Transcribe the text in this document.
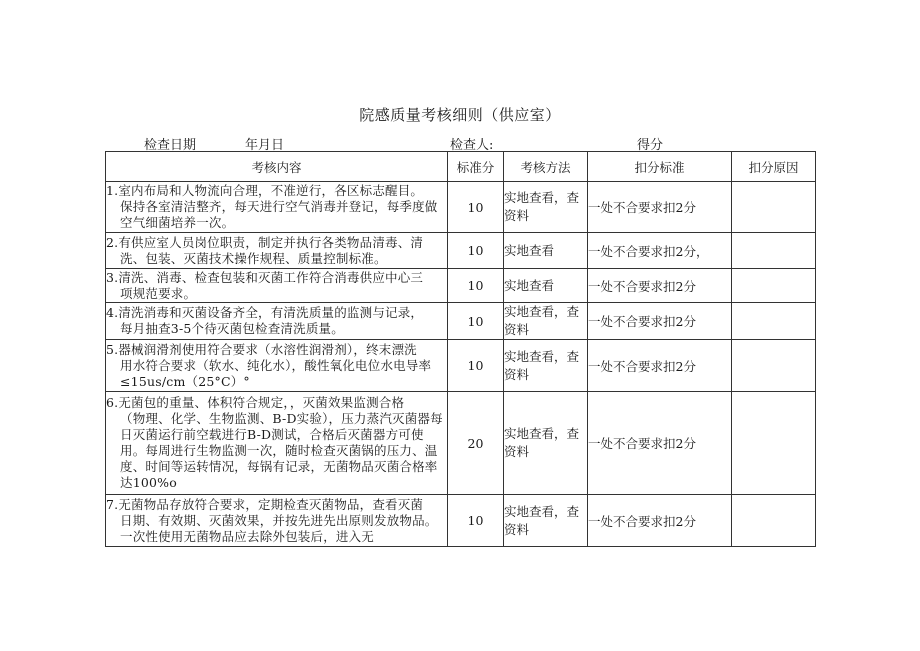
院感质量考核细则（供应室）
检查日期	年月日	检查人:	得分
考核内容	标准分	考核方法	扣分标准	扣分原因

1.室内布局和人物流向合理，不准逆行，各区标志醒目。
保持各室清洁整齐，每天进行空气消毒并登记，每季度做空气细菌培养一次。	10	实地查看，查资料	一处不合要求扣2分	

2.有供应室人员岗位职责，制定并执行各类物品清毒、清
洗、包装、灭菌技术操作规程、质量控制标准。	10	实地查看	一处不合要求扣2分，	

3.清洗、消毒、检查包装和灭菌工作符合消毒供应中心三
项规范要求。	10	实地查看	一处不合要求扣2分	

4.清洗消毒和灭菌设备齐全，有清洗质量的监测与记录，
每月抽查3-5个待灭菌包检查清洗质量。	10	实地查看，查资料	一处不合要求扣2分	

5.器械润滑剂使用符合要求（水溶性润滑剂），终末漂洗
用水符合要求（软水、纯化水），酸性氧化电位水电导率≤15us/cm（25°C）°	10	实地查看，查资料	一处不合要求扣2分	

6.无菌包的重量、体积符合规定，，灭菌效果监测合格
（物理、化学、生物监测、B-D实验），压力蒸汽灭菌器每日灭菌运行前空载进行B-D测试，合格后灭菌器方可使用。每周进行生物监测一次，随时检查灭菌锅的压力、温度、时间等运转情况，每锅有记录，无菌物品灭菌合格率达100%o	20	实地查看，查资料	一处不合要求扣2分	

7.无菌物品存放符合要求，定期检查灭菌物品，查看灭菌
日期、有效期、灭菌效果，并按先进先出原则发放物品。一次性使用无菌物品应去除外包装后，进入无	10	实地查看，查资料	一处不合要求扣2分	
